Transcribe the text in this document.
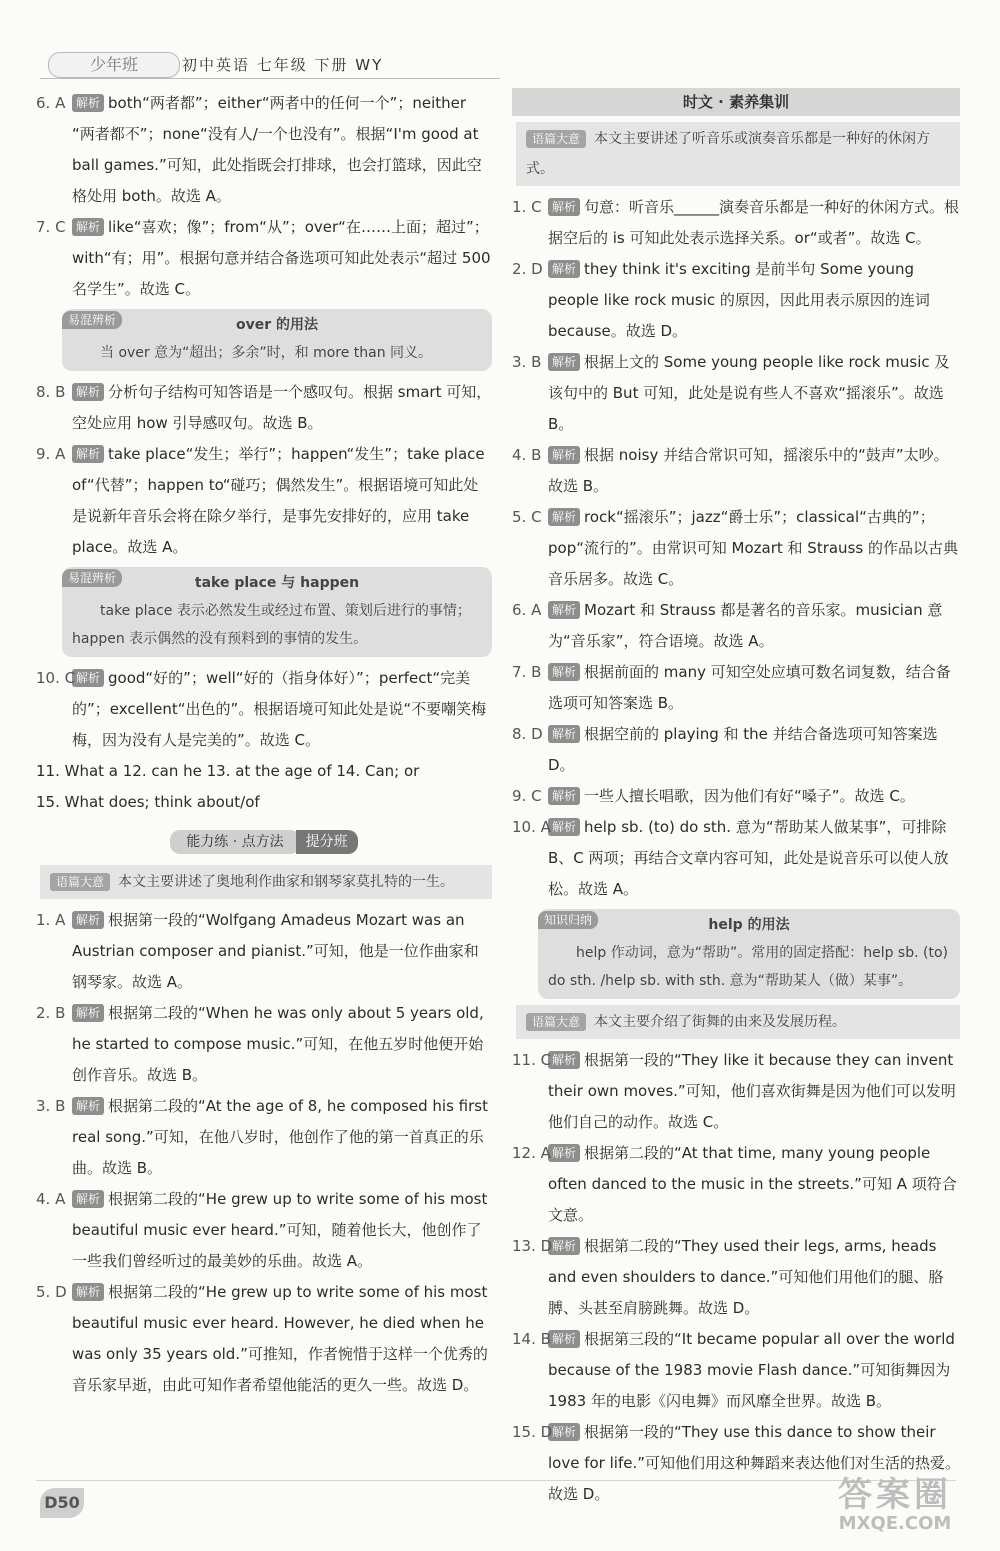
少年班	初中英语 七年级 下册 WY
6. A 解析 both“两者都”；either“两者中的任何一个”；neither “两者都不”；none“没有人/一个也没有”。根据“I'm good at ball games.”可知，此处指既会打排球，也会打篮球，因此空格处用 both。故选 A。
7. C 解析 like“喜欢；像”；from“从”；over“在……上面；超过”；with“有；用”。根据句意并结合备选项可知此处表示“超过 500 名学生”。故选 C。
易混辨析	over 的用法
当 over 意为“超出；多余”时，和 more than 同义。
8. B 解析 分析句子结构可知答语是一个感叹句。根据 smart 可知，空处应用 how 引导感叹句。故选 B。
9. A 解析 take place“发生；举行”；happen“发生”；take place of“代替”；happen to“碰巧；偶然发生”。根据语境可知此处是说新年音乐会将在除夕举行，是事先安排好的，应用 take place。故选 A。
易混辨析	take place 与 happen
take place 表示必然发生或经过布置、策划后进行的事情；happen 表示偶然的没有预料到的事情的发生。
10. C 解析 good“好的”；well“好的（指身体好）”；perfect“完美的”；excellent“出色的”。根据语境可知此处是说“不要嘲笑梅梅，因为没有人是完美的”。故选 C。
11. What a 12. can he 13. at the age of 14. Can; or
15. What does; think about/of
能力练 · 点方法 提分班
语篇大意 本文主要讲述了奥地利作曲家和钢琴家莫扎特的一生。
1. A 解析 根据第一段的“Wolfgang Amadeus Mozart was an Austrian composer and pianist.”可知，他是一位作曲家和钢琴家。故选 A。
2. B 解析 根据第二段的“When he was only about 5 years old, he started to compose music.”可知，在他五岁时他便开始创作音乐。故选 B。
3. B 解析 根据第二段的“At the age of 8, he composed his first real song.”可知，在他八岁时，他创作了他的第一首真正的乐曲。故选 B。
4. A 解析 根据第二段的“He grew up to write some of his most beautiful music ever heard.”可知，随着他长大，他创作了一些我们曾经听过的最美妙的乐曲。故选 A。
5. D 解析 根据第二段的“He grew up to write some of his most beautiful music ever heard. However, he died when he was only 35 years old.”可推知，作者惋惜于这样一个优秀的音乐家早逝，由此可知作者希望他能活的更久一些。故选 D。
时文 · 素养集训
语篇大意 本文主要讲述了听音乐或演奏音乐都是一种好的休闲方式。
1. C 解析 句意：听音乐______演奏音乐都是一种好的休闲方式。根据空后的 is 可知此处表示选择关系。or“或者”。故选 C。
2. D 解析 they think it's exciting 是前半句 Some young people like rock music 的原因，因此用表示原因的连词 because。故选 D。
3. B 解析 根据上文的 Some young people like rock music 及该句中的 But 可知，此处是说有些人不喜欢“摇滚乐”。故选 B。
4. B 解析 根据 noisy 并结合常识可知，摇滚乐中的“鼓声”太吵。故选 B。
5. C 解析 rock“摇滚乐”；jazz“爵士乐”；classical“古典的”；pop“流行的”。由常识可知 Mozart 和 Strauss 的作品以古典音乐居多。故选 C。
6. A 解析 Mozart 和 Strauss 都是著名的音乐家。musician 意为“音乐家”，符合语境。故选 A。
7. B 解析 根据前面的 many 可知空处应填可数名词复数，结合备选项可知答案选 B。
8. D 解析 根据空前的 playing 和 the 并结合备选项可知答案选 D。
9. C 解析 一些人擅长唱歌，因为他们有好“嗓子”。故选 C。
10. A 解析 help sb. (to) do sth. 意为“帮助某人做某事”，可排除 B、C 两项；再结合文章内容可知，此处是说音乐可以使人放松。故选 A。
知识归纳	help 的用法
help 作动词，意为“帮助”。常用的固定搭配：help sb. (to) do sth. /help sb. with sth. 意为“帮助某人（做）某事”。
语篇大意 本文主要介绍了街舞的由来及发展历程。
11. C 解析 根据第一段的“They like it because they can invent their own moves.”可知，他们喜欢街舞是因为他们可以发明他们自己的动作。故选 C。
12. A 解析 根据第二段的“At that time, many young people often danced to the music in the streets.”可知 A 项符合文意。
13. D 解析 根据第二段的“They used their legs, arms, heads and even shoulders to dance.”可知他们用他们的腿、胳膊、头甚至肩膀跳舞。故选 D。
14. B 解析 根据第三段的“It became popular all over the world because of the 1983 movie Flash dance.”可知街舞因为 1983 年的电影《闪电舞》而风靡全世界。故选 B。
15. D 解析 根据第一段的“They use this dance to show their love for life.”可知他们用这种舞蹈来表达他们对生活的热爱。故选 D。
D50	答案圈
MXQE.COM
